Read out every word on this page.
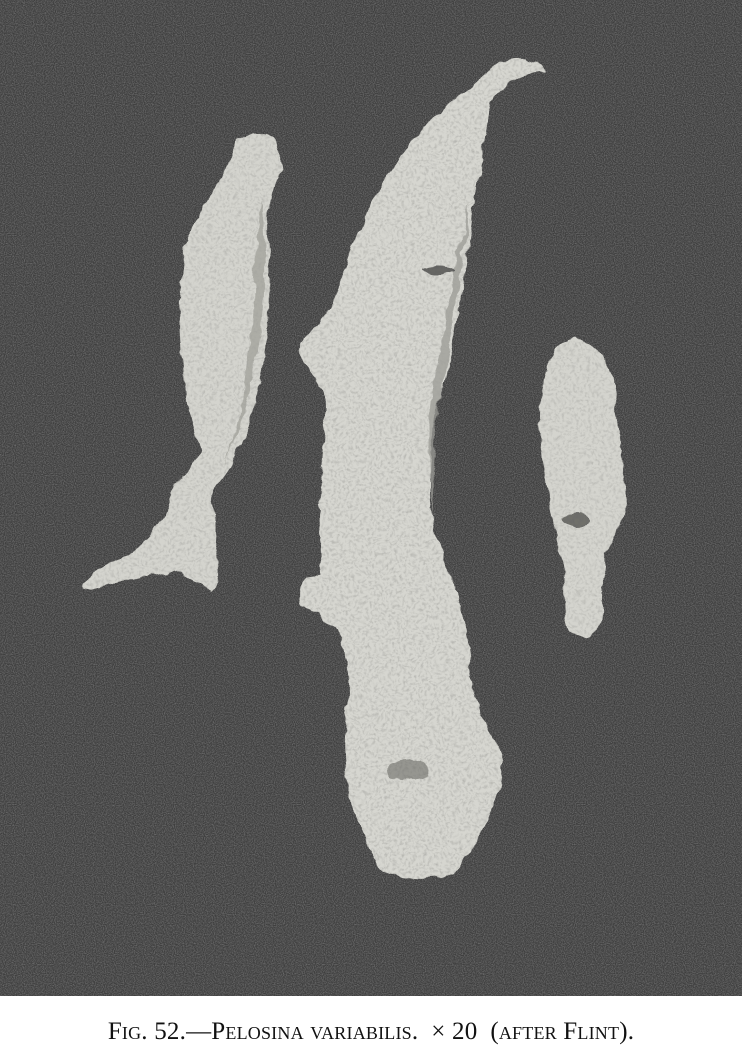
Fig. 52.—Pelosina variabilis. × 20 (after Flint).
